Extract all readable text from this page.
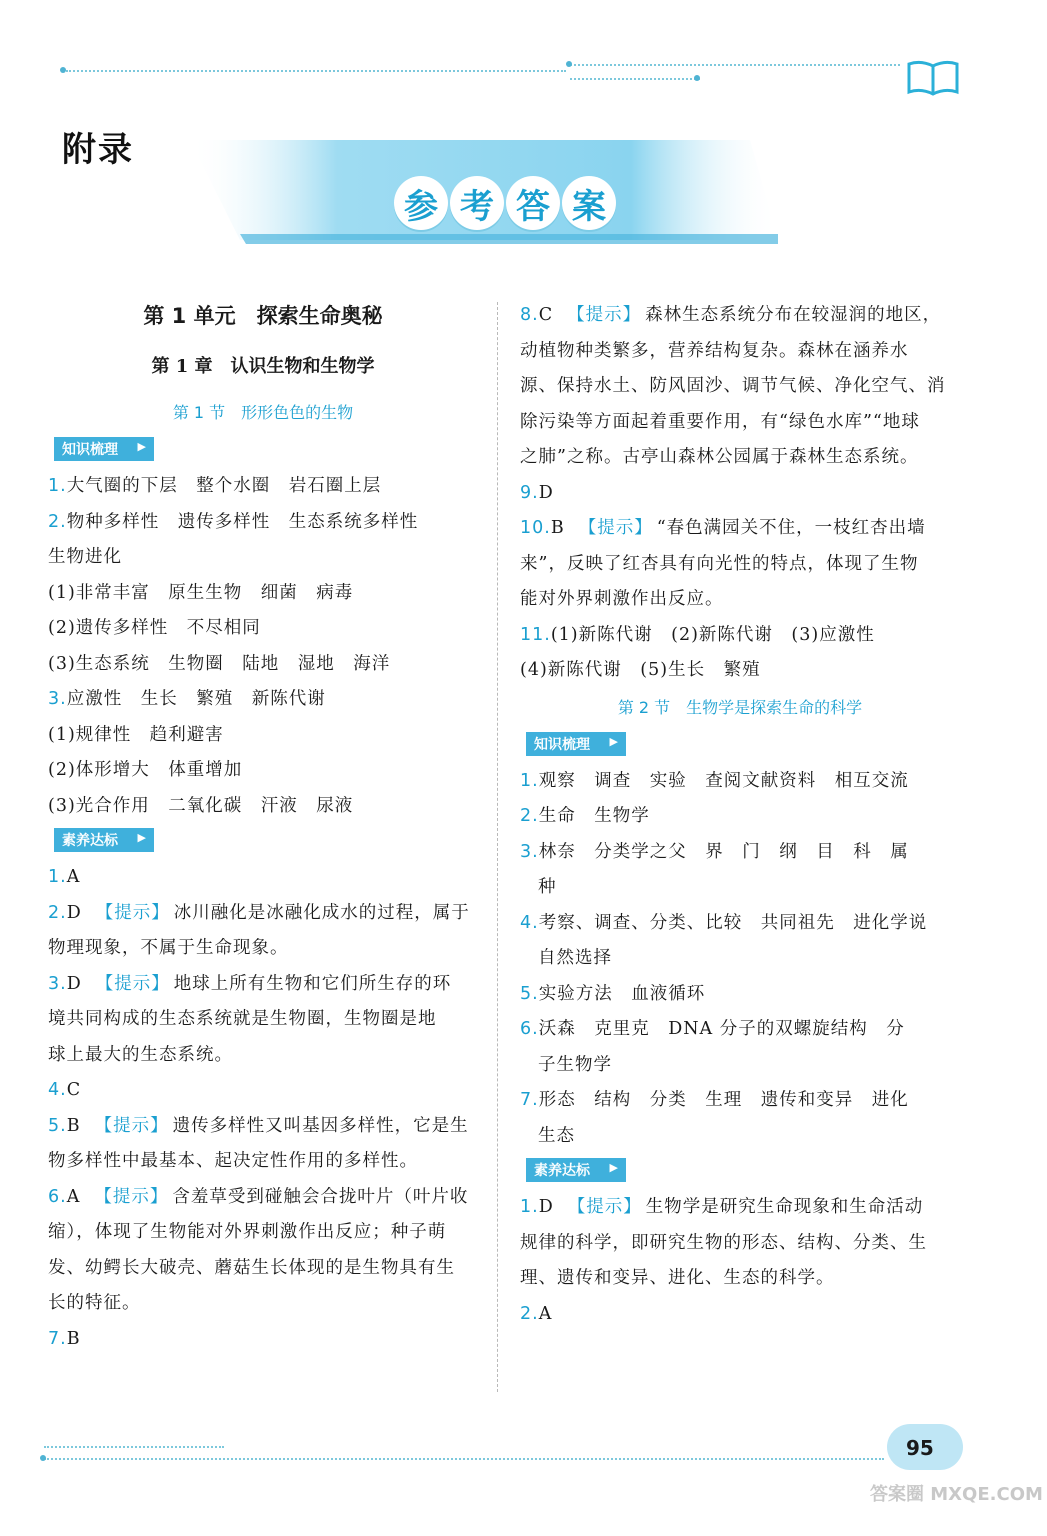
附录
参 考 答 案
第 1 单元　探索生命奥秘
第 1 章　认识生物和生物学
第 1 节　形形色色的生物
知识梳理 ▶
1.大气圈的下层　整个水圈　岩石圈上层
2.物种多样性　遗传多样性　生态系统多样性
生物进化
(1)非常丰富　原生生物　细菌　病毒
(2)遗传多样性　不尽相同
(3)生态系统　生物圈　陆地　湿地　海洋
3.应激性　生长　繁殖　新陈代谢
(1)规律性　趋利避害
(2)体形增大　体重增加
(3)光合作用　二氧化碳　汗液　尿液
素养达标 ▶
1.A
2.D 【提示】 冰川融化是冰融化成水的过程，属于
物理现象，不属于生命现象。
3.D 【提示】 地球上所有生物和它们所生存的环
境共同构成的生态系统就是生物圈，生物圈是地
球上最大的生态系统。
4.C
5.B 【提示】 遗传多样性又叫基因多样性，它是生
物多样性中最基本、起决定性作用的多样性。
6.A 【提示】 含羞草受到碰触会合拢叶片（叶片收
缩），体现了生物能对外界刺激作出反应；种子萌
发、幼鳄长大破壳、蘑菇生长体现的是生物具有生
长的特征。
7.B
8.C 【提示】 森林生态系统分布在较湿润的地区，
动植物种类繁多，营养结构复杂。森林在涵养水
源、保持水土、防风固沙、调节气候、净化空气、消
除污染等方面起着重要作用，有“绿色水库”“地球
之肺”之称。古亭山森林公园属于森林生态系统。
9.D
10.B 【提示】 “春色满园关不住，一枝红杏出墙
来”，反映了红杏具有向光性的特点，体现了生物
能对外界刺激作出反应。
11.(1)新陈代谢　(2)新陈代谢　(3)应激性
(4)新陈代谢　(5)生长　繁殖
第 2 节　生物学是探索生命的科学
知识梳理 ▶
1.观察　调查　实验　查阅文献资料　相互交流
2.生命　生物学
3.林奈　分类学之父　界　门　纲　目　科　属
种
4.考察、调查、分类、比较　共同祖先　进化学说
自然选择
5.实验方法　血液循环
6.沃森　克里克　DNA 分子的双螺旋结构　分
子生物学
7.形态　结构　分类　生理　遗传和变异　进化
生态
素养达标 ▶
1.D 【提示】 生物学是研究生命现象和生命活动
规律的科学，即研究生物的形态、结构、分类、生
理、遗传和变异、进化、生态的科学。
2.A
95
答案圈 MXQE.COM
